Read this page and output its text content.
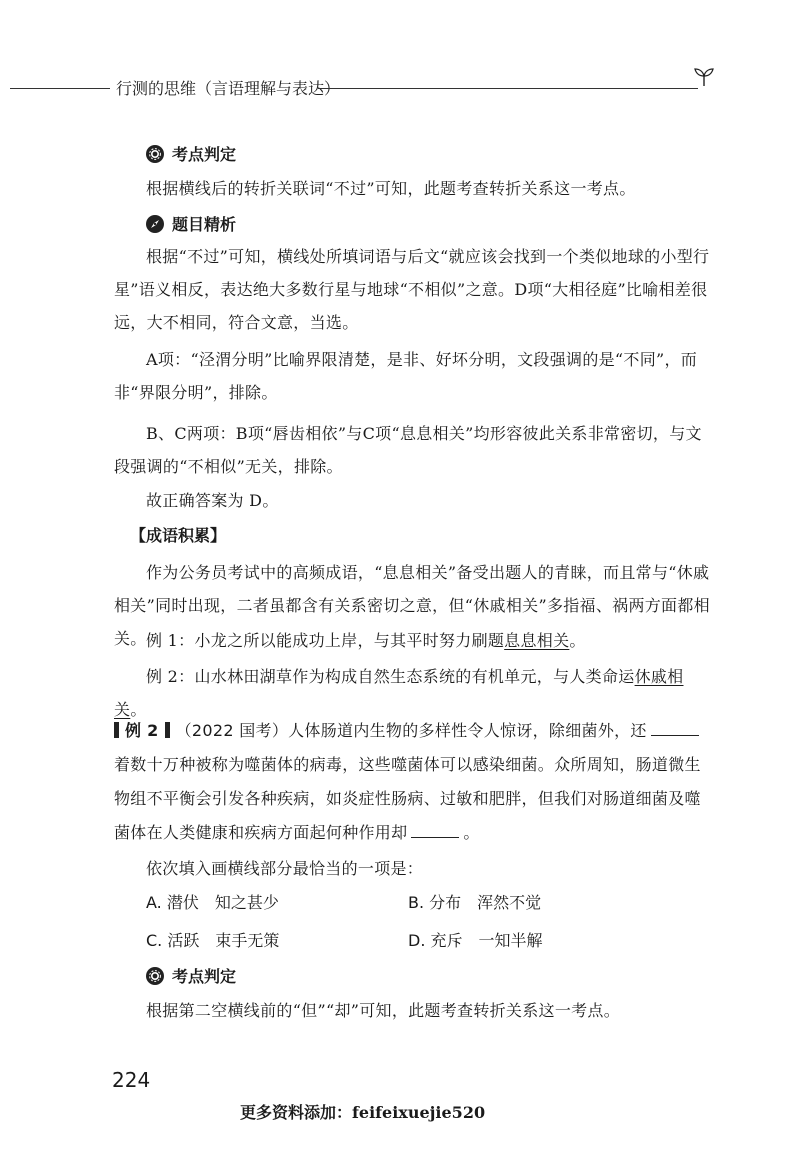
行测的思维（言语理解与表达）
考点判定

根据横线后的转折关联词“不过”可知，此题考查转折关系这一考点。

题目精析

根据“不过”可知，横线处所填词语与后文“就应该会找到一个类似地球的小型行星”语义相反，表达绝大多数行星与地球“不相似”之意。D项“大相径庭”比喻相差很远，大不相同，符合文意，当选。

A项：“泾渭分明”比喻界限清楚，是非、好坏分明，文段强调的是“不同”，而非“界限分明”，排除。

B、C两项：B项“唇齿相依”与C项“息息相关”均形容彼此关系非常密切，与文段强调的“不相似”无关，排除。

故正确答案为 D。

【成语积累】

作为公务员考试中的高频成语，“息息相关”备受出题人的青睐，而且常与“休戚相关”同时出现，二者虽都含有关系密切之意，但“休戚相关”多指福、祸两方面都相关。 例 1：小龙之所以能成功上岸，与其平时努力刷题息息相关。

例 2：山水林田湖草作为构成自然生态系统的有机单元，与人类命运休戚相关。

例 2 （2022 国考）人体肠道内生物的多样性令人惊讶，除细菌外，还着数十万种被称为噬菌体的病毒，这些噬菌体可以感染细菌。众所周知，肠道微生物组不平衡会引发各种疾病，如炎症性肠病、过敏和肥胖，但我们对肠道细菌及噬菌体在人类健康和疾病方面起何种作用却	。

依次填入画横线部分最恰当的一项是：

A. 潜伏　知之甚少	B. 分布　浑然不觉
C. 活跃　束手无策	D. 充斥　一知半解
考点判定

根据第二空横线前的“但”“却”可知，此题考查转折关系这一考点。

224
更多资料添加：feifeixuejie520
